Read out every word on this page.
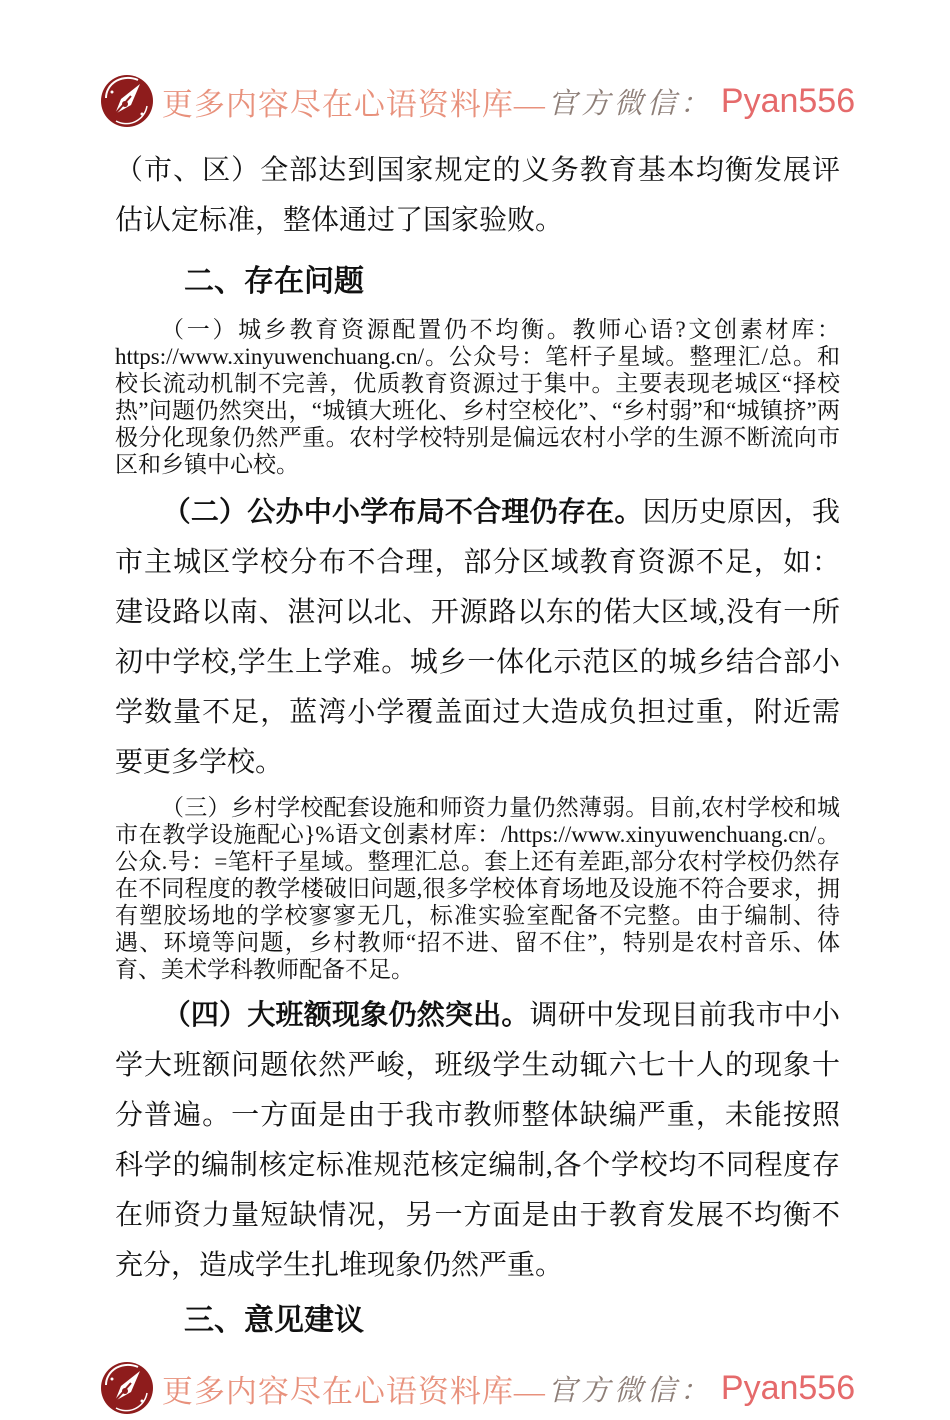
更多内容尽在心语资料库— 官方微信： Pyan556

（市、区）全部达到国家规定的义务教育基本均衡发展评估认定标准，整体通过了国家验败。

二、存在问题

（一）城乡教育资源配置仍不均衡。教师心语?文创素材库：https://www.xinyuwenchuang.cn/。公众号：笔杆子星域。整理汇/总。和校长流动机制不完善，优质教育资源过于集中。主要表现老城区“择校热”问题仍然突出，“城镇大班化、乡村空校化”、“乡村弱”和“城镇挤”两极分化现象仍然严重。农村学校特别是偏远农村小学的生源不断流向市区和乡镇中心校。

（二）公办中小学布局不合理仍存在。因历史原因，我市主城区学校分布不合理，部分区域教育资源不足，如：建设路以南、湛河以北、开源路以东的偌大区域,没有一所初中学校,学生上学难。城乡一体化示范区的城乡结合部小学数量不足，蓝湾小学覆盖面过大造成负担过重，附近需要更多学校。

（三）乡村学校配套设施和师资力量仍然薄弱。目前,农村学校和城市在教学设施配心}%语文创素材库：/https://www.xinyuwenchuang.cn/。公众.号：=笔杆子星域。整理汇总。套上还有差距,部分农村学校仍然存在不同程度的教学楼破旧问题,很多学校体育场地及设施不符合要求，拥有塑胶场地的学校寥寥无几，标准实验室配备不完整。由于编制、待遇、环境等问题，乡村教师“招不进、留不住”，特别是农村音乐、体育、美术学科教师配备不足。

（四）大班额现象仍然突出。调研中发现目前我市中小学大班额问题依然严峻，班级学生动辄六七十人的现象十分普遍。一方面是由于我市教师整体缺编严重，未能按照科学的编制核定标准规范核定编制,各个学校均不同程度存在师资力量短缺情况，另一方面是由于教育发展不均衡不充分，造成学生扎堆现象仍然严重。

三、意见建议
更多内容尽在心语资料库— 官方微信： Pyan556
